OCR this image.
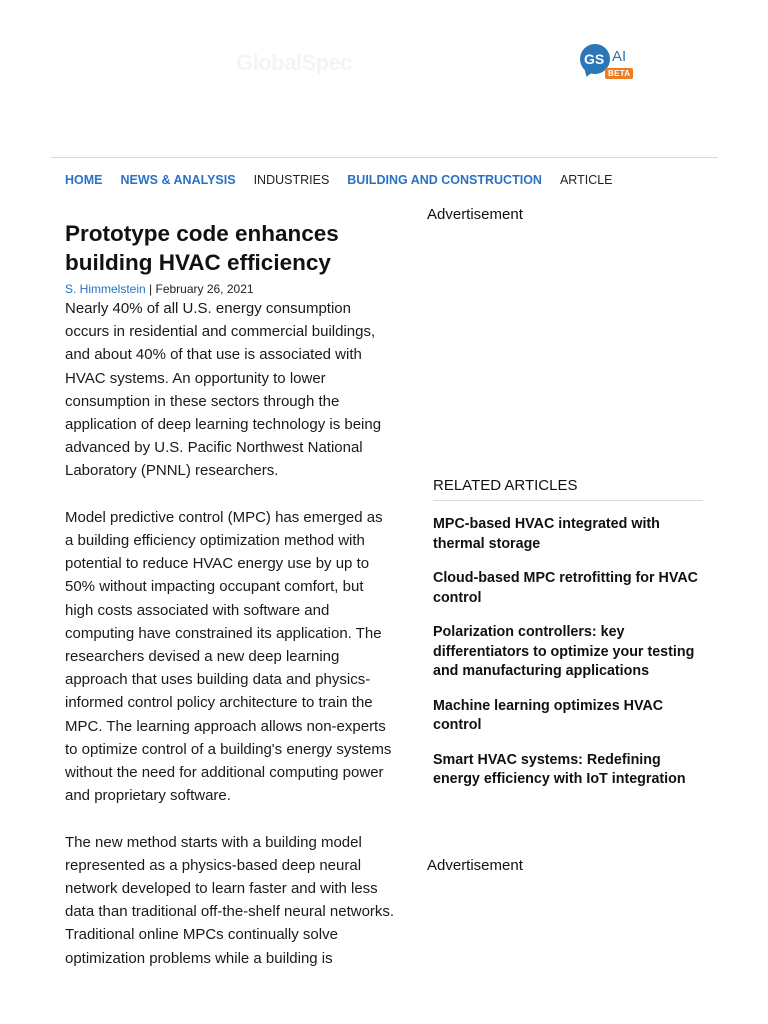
GlobalSpec	GS AI
BETA
HOME NEWS & ANALYSIS INDUSTRIES BUILDING AND CONSTRUCTION ARTICLE
Prototype code enhances building HVAC efficiency
S. Himmelstein | February 26, 2021

Nearly 40% of all U.S. energy consumption occurs in residential and commercial buildings, and about 40% of that use is associated with HVAC systems. An opportunity to lower consumption in these sectors through the application of deep learning technology is being advanced by U.S. Pacific Northwest National Laboratory (PNNL) researchers.

Model predictive control (MPC) has emerged as a building efficiency optimization method with potential to reduce HVAC energy use by up to 50% without impacting occupant comfort, but high costs associated with software and computing have constrained its application. The researchers devised a new deep learning approach that uses building data and physics-informed control policy architecture to train the MPC. The learning approach allows non-experts to optimize control of a building's energy systems without the need for additional computing power and proprietary software.

The new method starts with a building model represented as a physics-based deep neural network developed to learn faster and with less data than traditional off-the-shelf neural networks. Traditional online MPCs continually solve optimization problems while a building is

Advertisement
RELATED ARTICLES
MPC-based HVAC integrated with thermal storage
Cloud-based MPC retrofitting for HVAC control
Polarization controllers: key differentiators to optimize your testing and manufacturing applications
Machine learning optimizes HVAC control
Smart HVAC systems: Redefining energy efficiency with IoT integration
Advertisement
